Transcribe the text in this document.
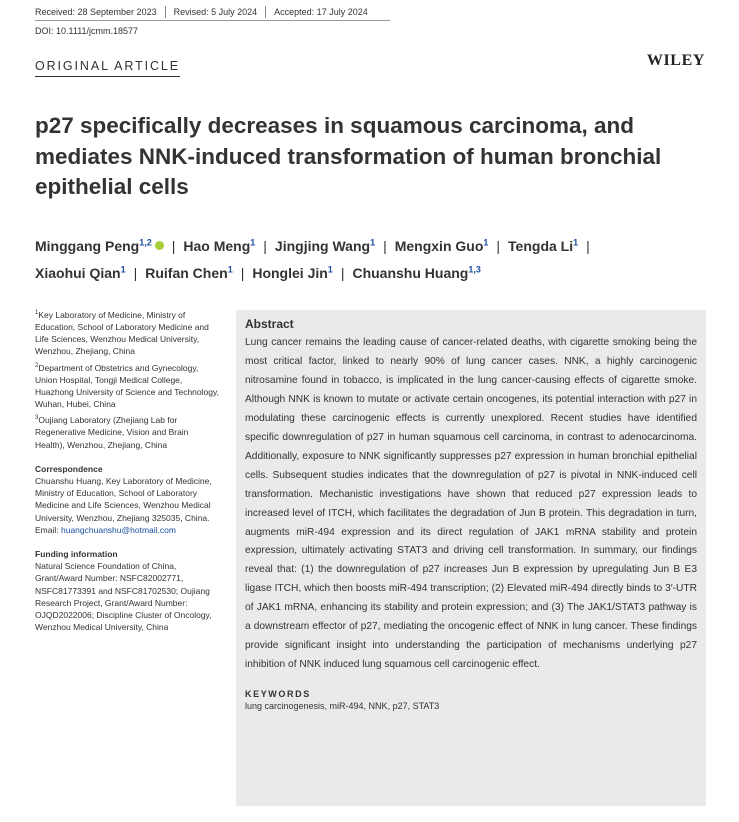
Received: 28 September 2023 Revised: 5 July 2024 Accepted: 17 July 2024
DOI: 10.1111/jcmm.18577
ORIGINAL ARTICLE	WILEY
p27 specifically decreases in squamous carcinoma, and mediates NNK-induced transformation of human bronchial epithelial cells
Minggang Peng$^{1,2}$ | Hao Meng$^1$ | Jingjing Wang$^1$ | Mengxin Guo$^1$ | Tengda Li$^1$ |
Xiaohui Qian$^1$ | Ruifan Chen$^1$ | Honglei Jin$^1$ | Chuanshu Huang$^{1,3}$
$^1$Key Laboratory of Medicine, Ministry of Education, School of Laboratory Medicine and Life Sciences, Wenzhou Medical University, Wenzhou, Zhejiang, China
$^2$Department of Obstetrics and Gynecology, Union Hospital, Tongji Medical College, Huazhong University of Science and Technology, Wuhan, Hubei, China
$^3$Oujiang Laboratory (Zhejiang Lab for Regenerative Medicine, Vision and Brain Health), Wenzhou, Zhejiang, China
Correspondence
Chuanshu Huang, Key Laboratory of Medicine, Ministry of Education, School of Laboratory Medicine and Life Sciences, Wenzhou Medical University, Wenzhou, Zhejiang 325035, China. Email: huangchuanshu@hotmail.com
Funding information
Natural Science Foundation of China, Grant/Award Number: NSFC82002771, NSFC81773391 and NSFC81702530; Oujiang Research Project, Grant/Award Number: OJQD2022006; Discipline Cluster of Oncology, Wenzhou Medical University, China
Abstract

Lung cancer remains the leading cause of cancer-related deaths, with cigarette smoking being the most critical factor, linked to nearly 90% of lung cancer cases. NNK, a highly carcinogenic nitrosamine found in tobacco, is implicated in the lung cancer-causing effects of cigarette smoke. Although NNK is known to mutate or activate certain oncogenes, its potential interaction with p27 in modulating these carcinogenic effects is currently unexplored. Recent studies have identified specific downregulation of p27 in human squamous cell carcinoma, in contrast to adenocarcinoma. Additionally, exposure to NNK significantly suppresses p27 expression in human bronchial epithelial cells. Subsequent studies indicates that the downregulation of p27 is pivotal in NNK-induced cell transformation. Mechanistic investigations have shown that reduced p27 expression leads to increased level of ITCH, which facilitates the degradation of Jun B protein. This degradation in turn, augments miR-494 expression and its direct regulation of JAK1 mRNA stability and protein expression, ultimately activating STAT3 and driving cell transformation. In summary, our findings reveal that: (1) the downregulation of p27 increases Jun B expression by upregulating Jun B E3 ligase ITCH, which then boosts miR-494 transcription; (2) Elevated miR-494 directly binds to 3′-UTR of JAK1 mRNA, enhancing its stability and protein expression; and (3) The JAK1/STAT3 pathway is a downstream effector of p27, mediating the oncogenic effect of NNK in lung cancer. These findings provide significant insight into understanding the participation of mechanisms underlying p27 inhibition of NNK induced lung squamous cell carcinogenic effect.

KEYWORDS
lung carcinogenesis, miR-494, NNK, p27, STAT3
